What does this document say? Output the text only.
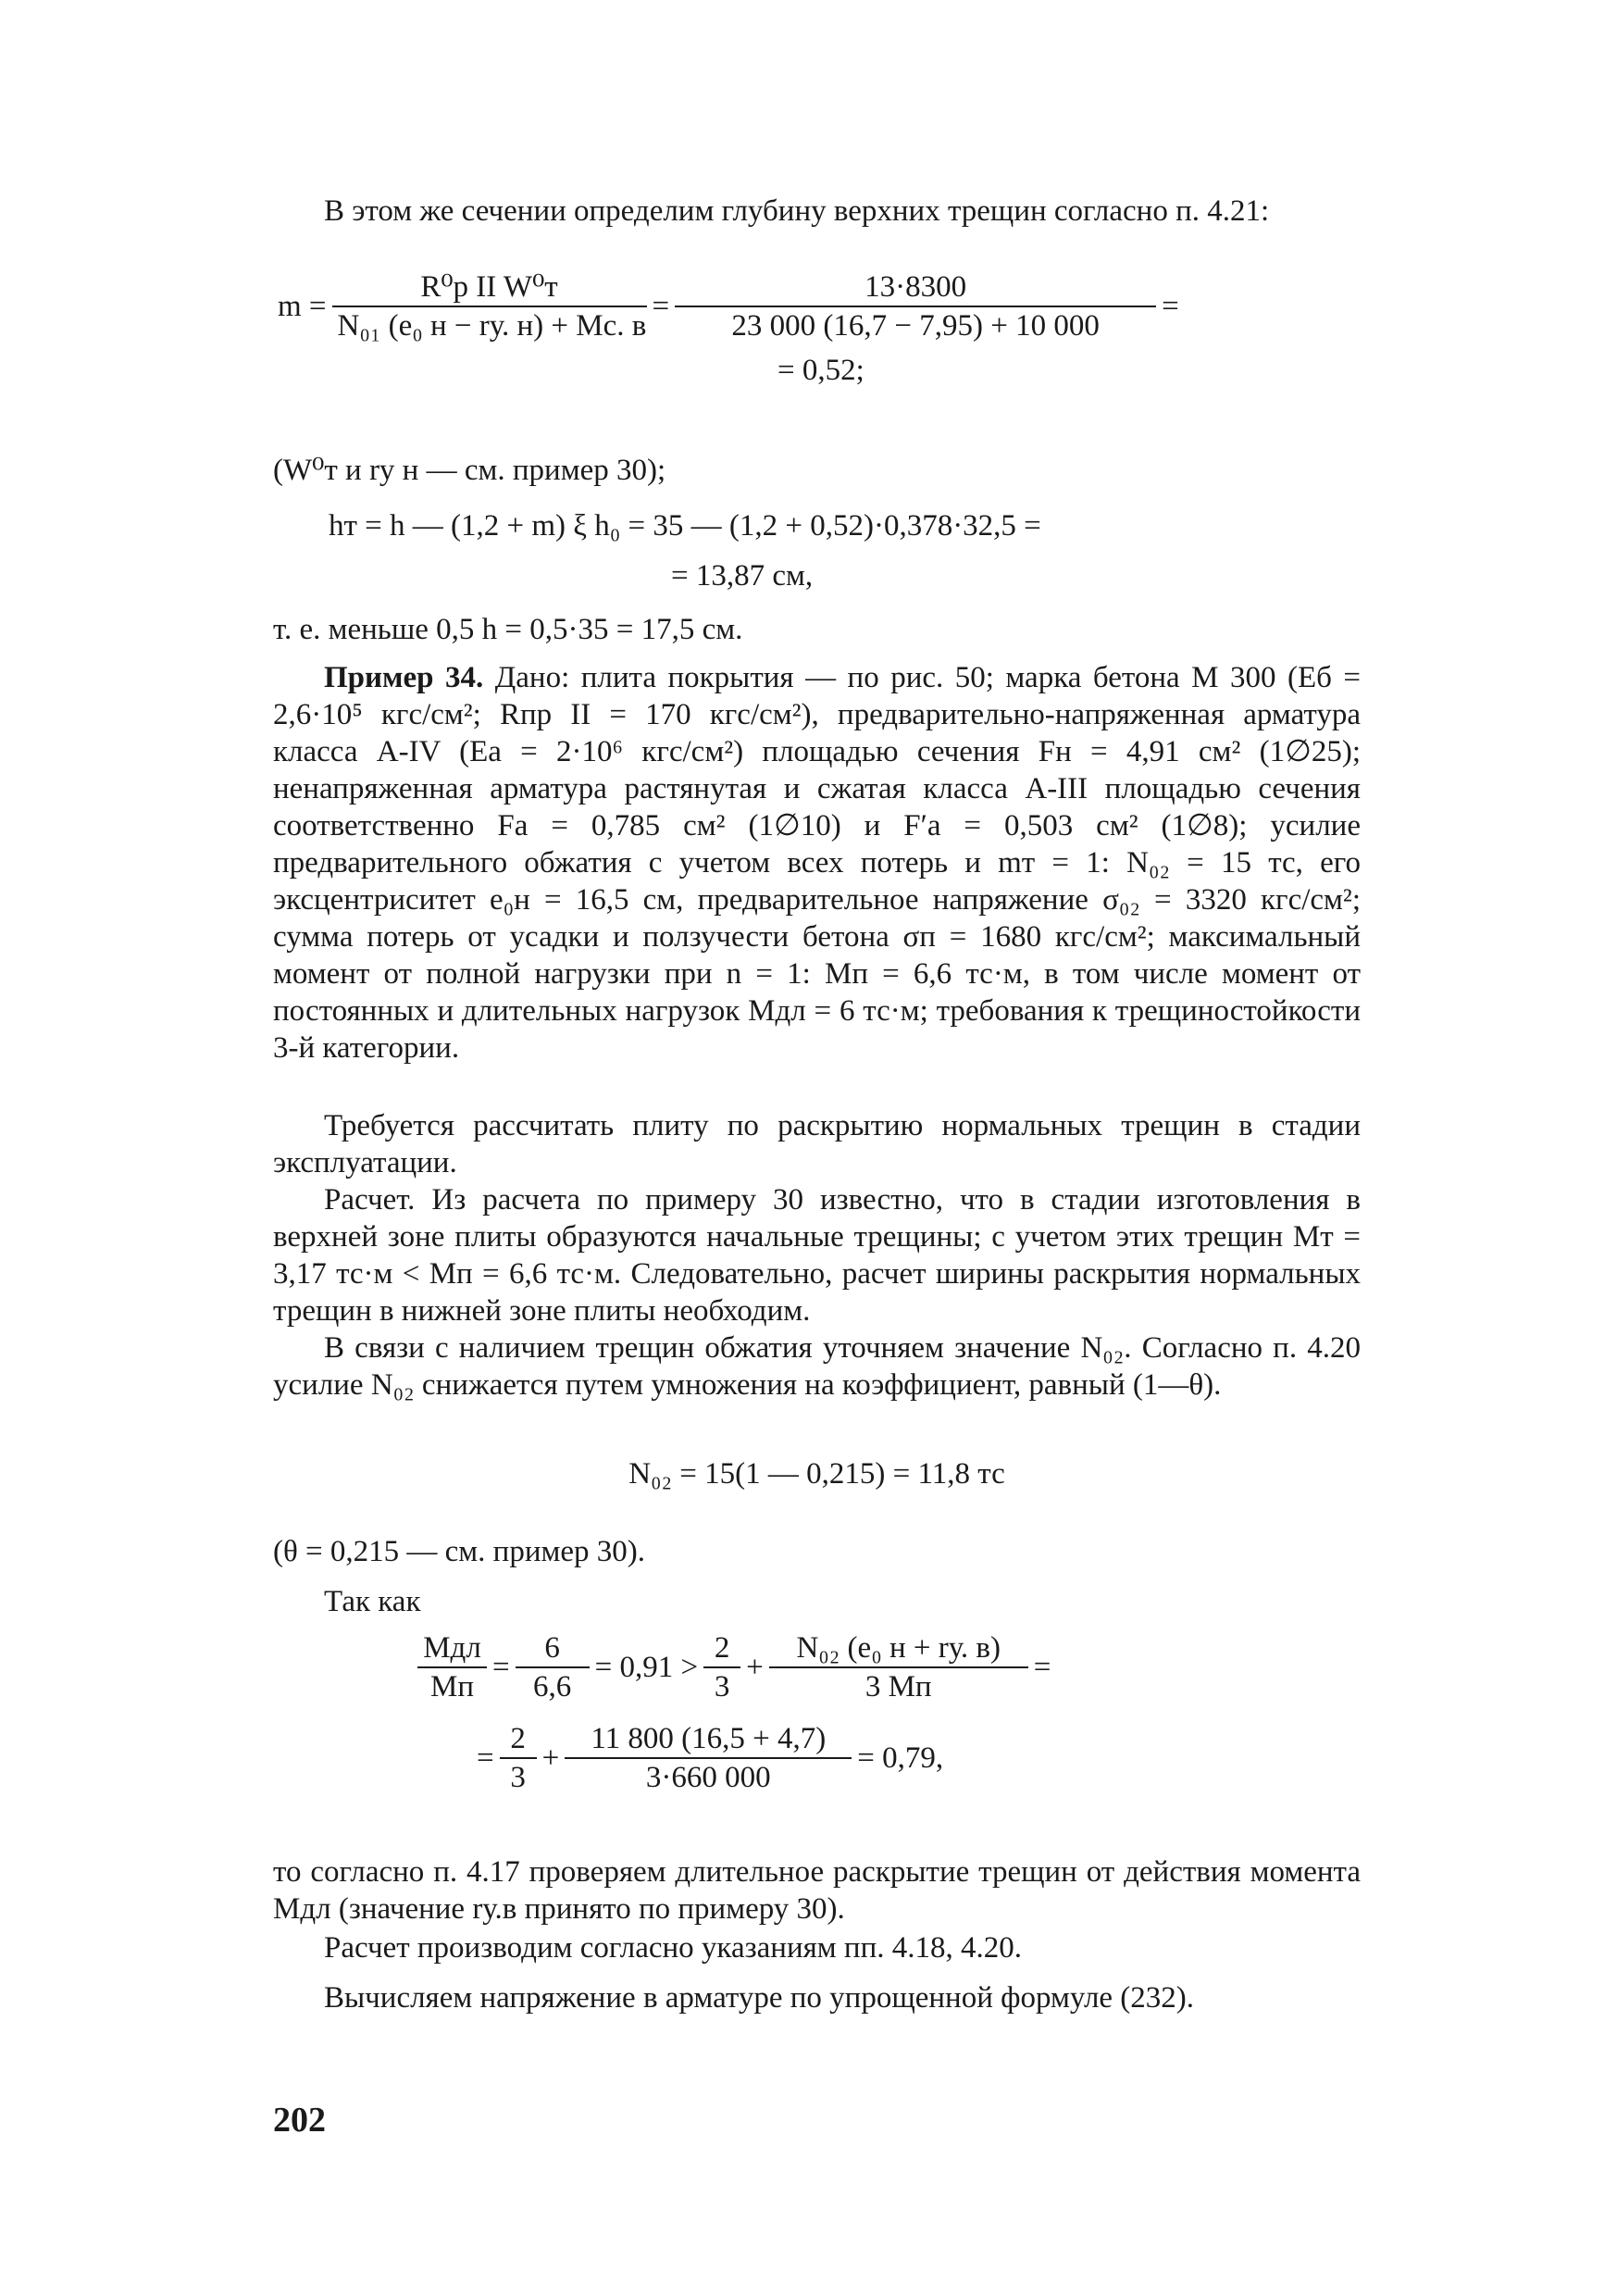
В этом же сечении определим глубину верхних трещин согласно п. 4.21:

$m = \frac{\text{R⁰р II W⁰т}}{\text{N₀₁ (e₀ н − rу. н) + Mс. в}} = \frac{13\cdot 8300}{23 000 (16,7 - 7,95) + 10 000}$ =
= 0,52;

(W⁰т и rу н — см. пример 30);

hт = h — (1,2 + m) ξ h₀ = 35 — (1,2 + 0,52)·0,378·32,5 =
= 13,87 см,

т. е. меньше 0,5 h = 0,5·35 = 17,5 см.

Пример 34. Дано: плита покрытия — по рис. 50; марка бетона М 300 (Eб = 2,6·10⁵ кгс/см²; Rпр II = 170 кгс/см²), предварительно-напряженная арматура класса A-IV (Eа = 2·10⁶ кгс/см²) площадью сечения Fн = 4,91 см² (1∅25); ненапряженная арматура растянутая и сжатая класса A-III площадью сечения соответственно Fа = 0,785 см² (1∅10) и F′а = 0,503 см² (1∅8); усилие предварительного обжатия с учетом всех потерь и mт = 1: N₀₂ = 15 тс, его эксцентриситет e₀н = 16,5 см, предварительное напряжение σ₀₂ = 3320 кгс/см²; сумма потерь от усадки и ползучести бетона σп = 1680 кгс/см²; максимальный момент от полной нагрузки при n = 1: Mп = 6,6 тс·м, в том числе момент от постоянных и длительных нагрузок Mдл = 6 тс·м; требования к трещиностойкости 3-й категории.

Требуется рассчитать плиту по раскрытию нормальных трещин в стадии эксплуатации.

Расчет. Из расчета по примеру 30 известно, что в стадии изготовления в верхней зоне плиты образуются начальные трещины; с учетом этих трещин Mт = 3,17 тс·м < Mп = 6,6 тс·м. Следовательно, расчет ширины раскрытия нормальных трещин в нижней зоне плиты необходим.

В связи с наличием трещин обжатия уточняем значение N₀₂. Согласно п. 4.20 усилие N₀₂ снижается путем умножения на коэффициент, равный (1—θ).

N₀₂ = 15(1 — 0,215) = 11,8 тс

(θ = 0,215 — см. пример 30).

Так как

$\frac{\text{Mдл}}{Mп} = \frac{6}{6,6} = 0,91 > \frac{2}{3} + \frac{\text{N₀₂ (e₀ н + rу. в)}}{3 Mп}$ =
= $\frac{2}{3} + \frac{11 800 (16,5 + 4,7)}{3\cdot 660 000} = 0,79$,

то согласно п. 4.17 проверяем длительное раскрытие трещин от действия момента Mдл (значение rу.в принято по примеру 30).

Расчет производим согласно указаниям пп. 4.18, 4.20.

Вычисляем напряжение в арматуре по упрощенной формуле (232).

202
